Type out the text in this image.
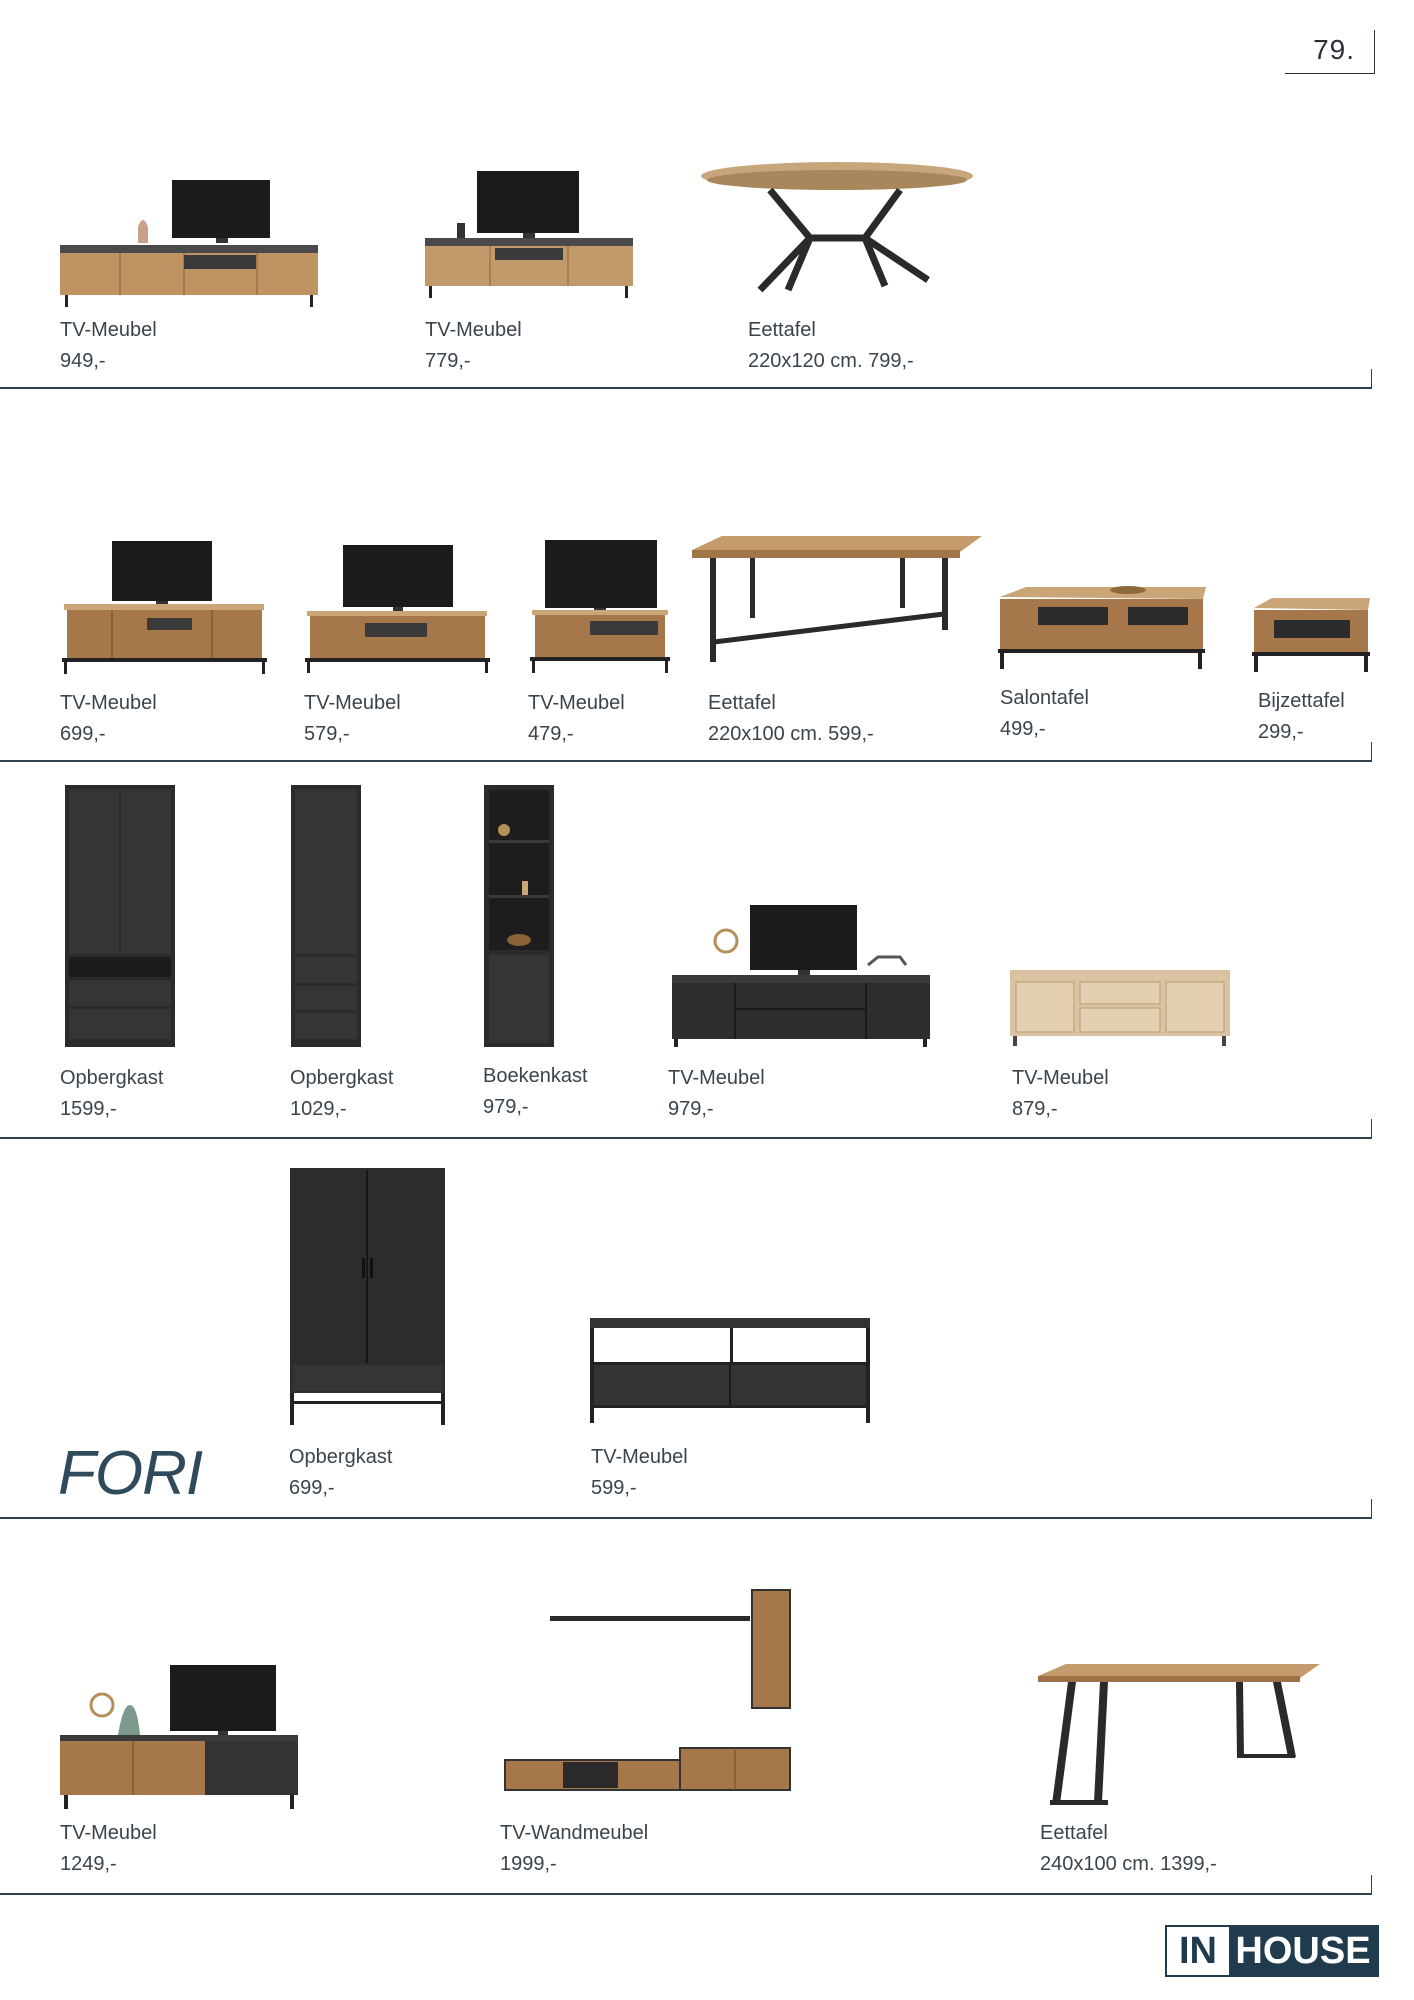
79.
TV-Meubel
949,-
TV-Meubel
779,-
Eettafel
220x120 cm. 799,-
TV-Meubel
699,-
TV-Meubel
579,-
TV-Meubel
479,-
Eettafel
220x100 cm. 599,-
Salontafel
499,-
Bijzettafel
299,-
Opbergkast
1599,-
Opbergkast
1029,-
Boekenkast
979,-
TV-Meubel
979,-
TV-Meubel
879,-
FORI	Opbergkast
699,-
TV-Meubel
599,-
TV-Meubel
1249,-
TV-Wandmeubel
1999,-
Eettafel
240x100 cm. 1399,-
IN HOUSE
